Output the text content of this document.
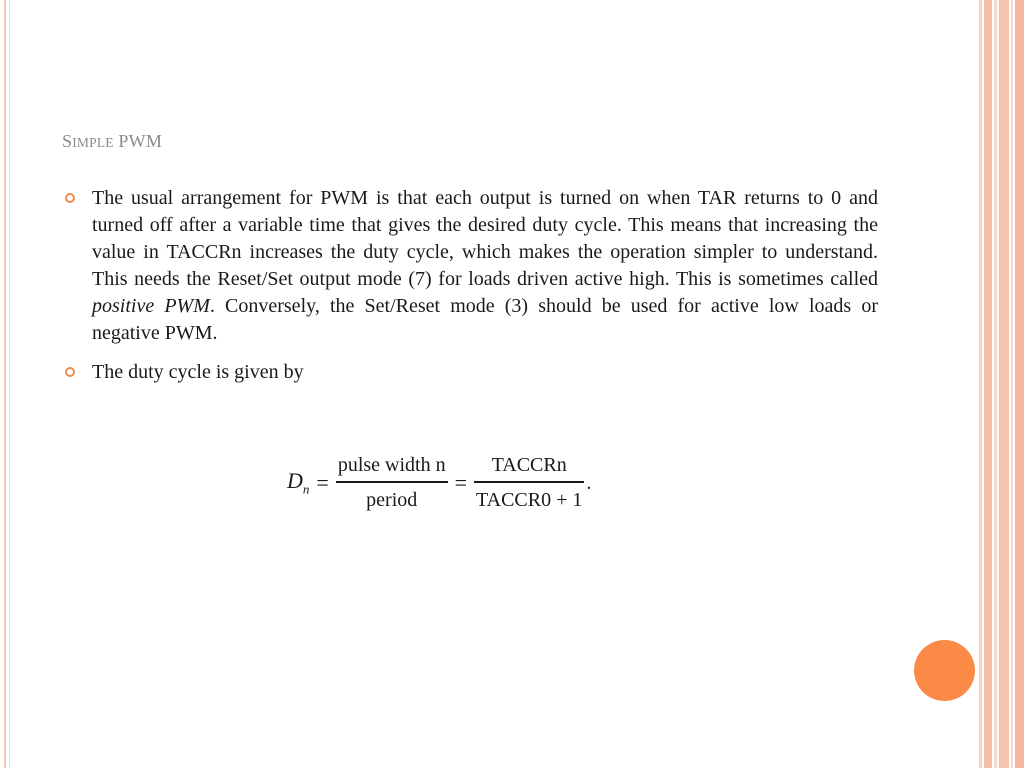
SIMPLE PWM

The usual arrangement for PWM is that each output is turned on when TAR returns to 0 and turned off after a variable time that gives the desired duty cycle. This means that increasing the value in TACCRn increases the duty cycle, which makes the operation simpler to understand. This needs the Reset/Set output mode (7) for loads driven active high. This is sometimes called positive PWM. Conversely, the Set/Reset mode (3) should be used for active low loads or negative PWM.

The duty cycle is given by

$D_n = \frac{\text{pulse width n}}{\text{period}} = \frac{\text{TACCRn}}{\text{TACCR0 + 1}}$ .
